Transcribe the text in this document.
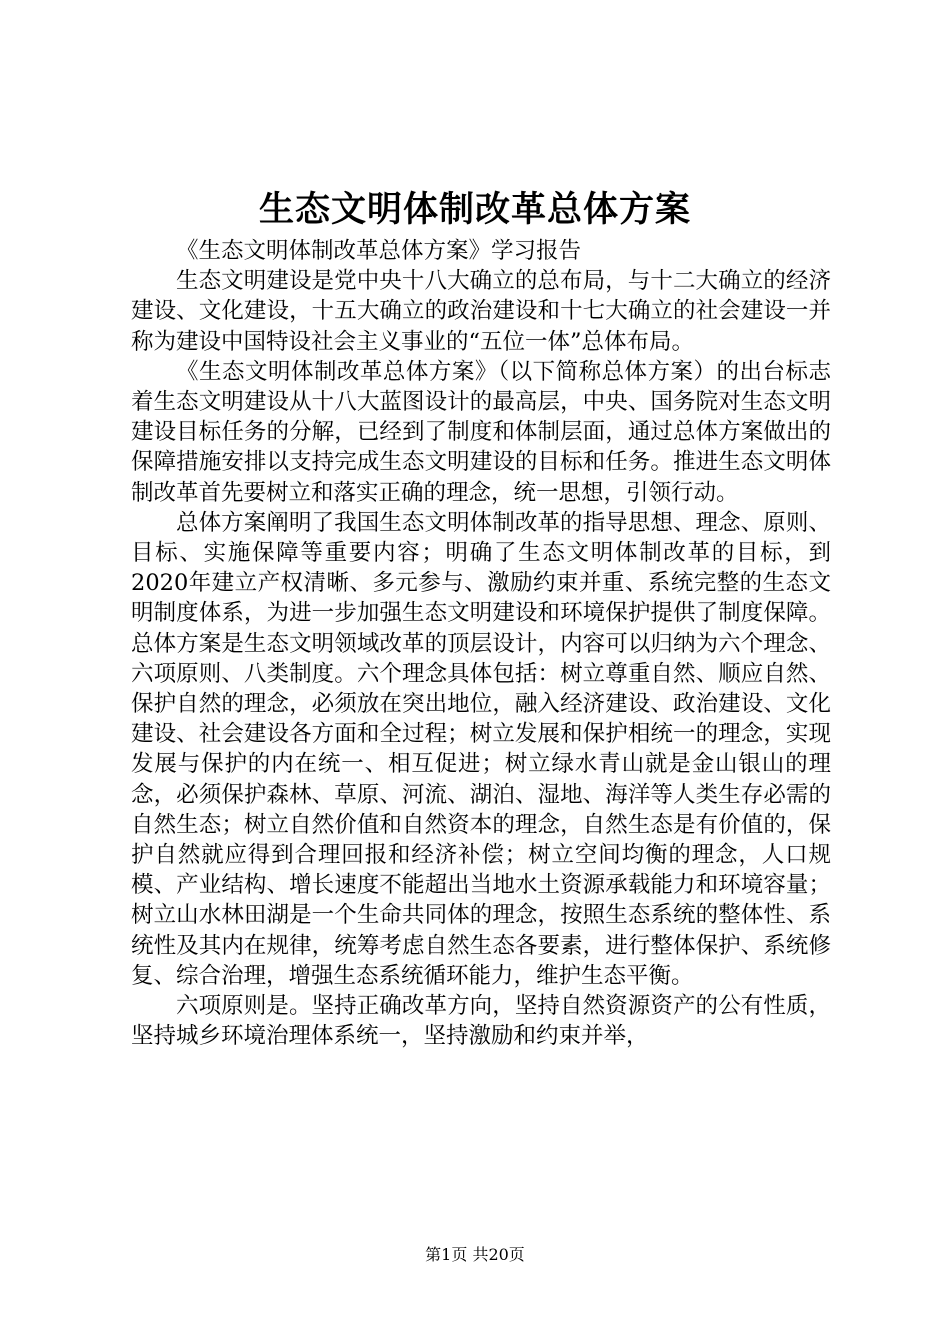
生态文明体制改革总体方案

《生态文明体制改革总体方案》学习报告

生态文明建设是党中央十八大确立的总布局，与十二大确立的经济建设、文化建设，十五大确立的政治建设和十七大确立的社会建设一并称为建设中国特设社会主义事业的“五位一体”总体布局。

《生态文明体制改革总体方案》（以下简称总体方案）的出台标志着生态文明建设从十八大蓝图设计的最高层，中央、国务院对生态文明建设目标任务的分解，已经到了制度和体制层面，通过总体方案做出的保障措施安排以支持完成生态文明建设的目标和任务。推进生态文明体制改革首先要树立和落实正确的理念，统一思想，引领行动。

总体方案阐明了我国生态文明体制改革的指导思想、理念、原则、目标、实施保障等重要内容；明确了生态文明体制改革的目标，到2020年建立产权清晰、多元参与、激励约束并重、系统完整的生态文明制度体系，为进一步加强生态文明建设和环境保护提供了制度保障。总体方案是生态文明领域改革的顶层设计，内容可以归纳为六个理念、六项原则、八类制度。六个理念具体包括：树立尊重自然、顺应自然、保护自然的理念，必须放在突出地位，融入经济建设、政治建设、文化建设、社会建设各方面和全过程；树立发展和保护相统一的理念，实现发展与保护的内在统一、相互促进；树立绿水青山就是金山银山的理念，必须保护森林、草原、河流、湖泊、湿地、海洋等人类生存必需的自然生态；树立自然价值和自然资本的理念，自然生态是有价值的，保护自然就应得到合理回报和经济补偿；树立空间均衡的理念，人口规模、产业结构、增长速度不能超出当地水土资源承载能力和环境容量；树立山水林田湖是一个生命共同体的理念，按照生态系统的整体性、系统性及其内在规律，统筹考虑自然生态各要素，进行整体保护、系统修复、综合治理，增强生态系统循环能力，维护生态平衡。

六项原则是。坚持正确改革方向，坚持自然资源资产的公有性质，坚持城乡环境治理体系统一，坚持激励和约束并举，

第1页 共20页
